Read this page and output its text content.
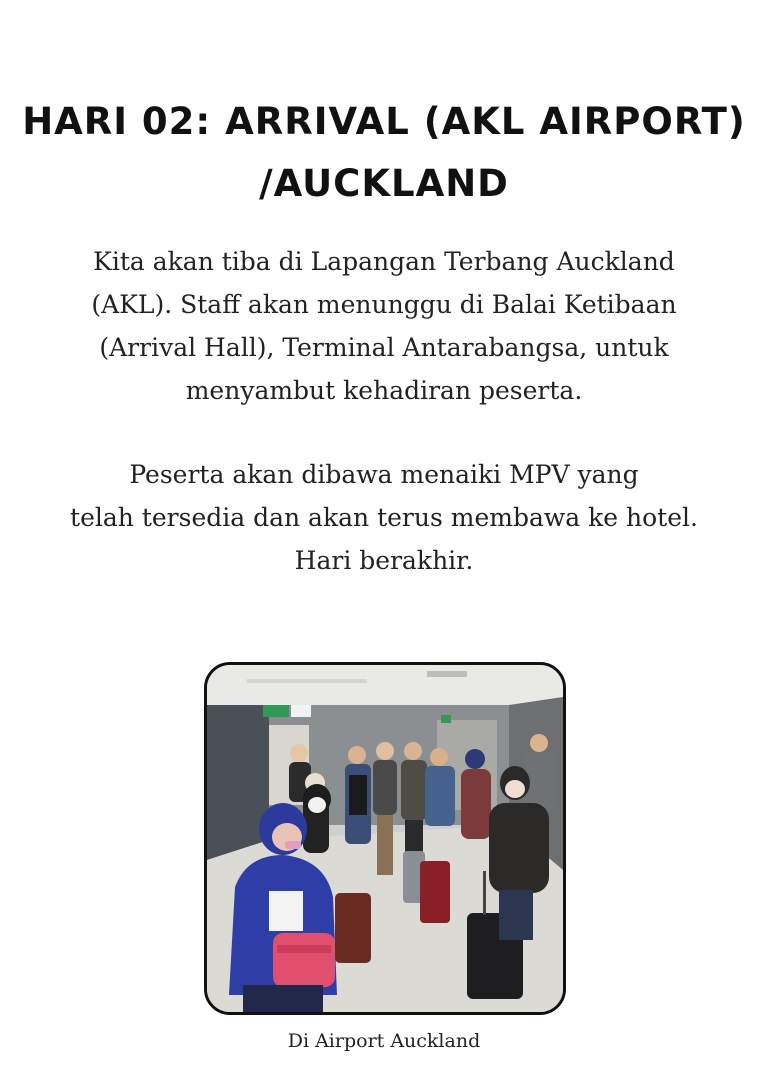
HARI 02: ARRIVAL (AKL AIRPORT)
/AUCKLAND
Kita akan tiba di Lapangan Terbang Auckland
(AKL). Staff akan menunggu di Balai Ketibaan
(Arrival Hall), Terminal Antarabangsa, untuk
menyambut kehadiran peserta.
Peserta akan dibawa menaiki MPV yang
telah tersedia dan akan terus membawa ke hotel.
Hari berakhir.
Di Airport Auckland
